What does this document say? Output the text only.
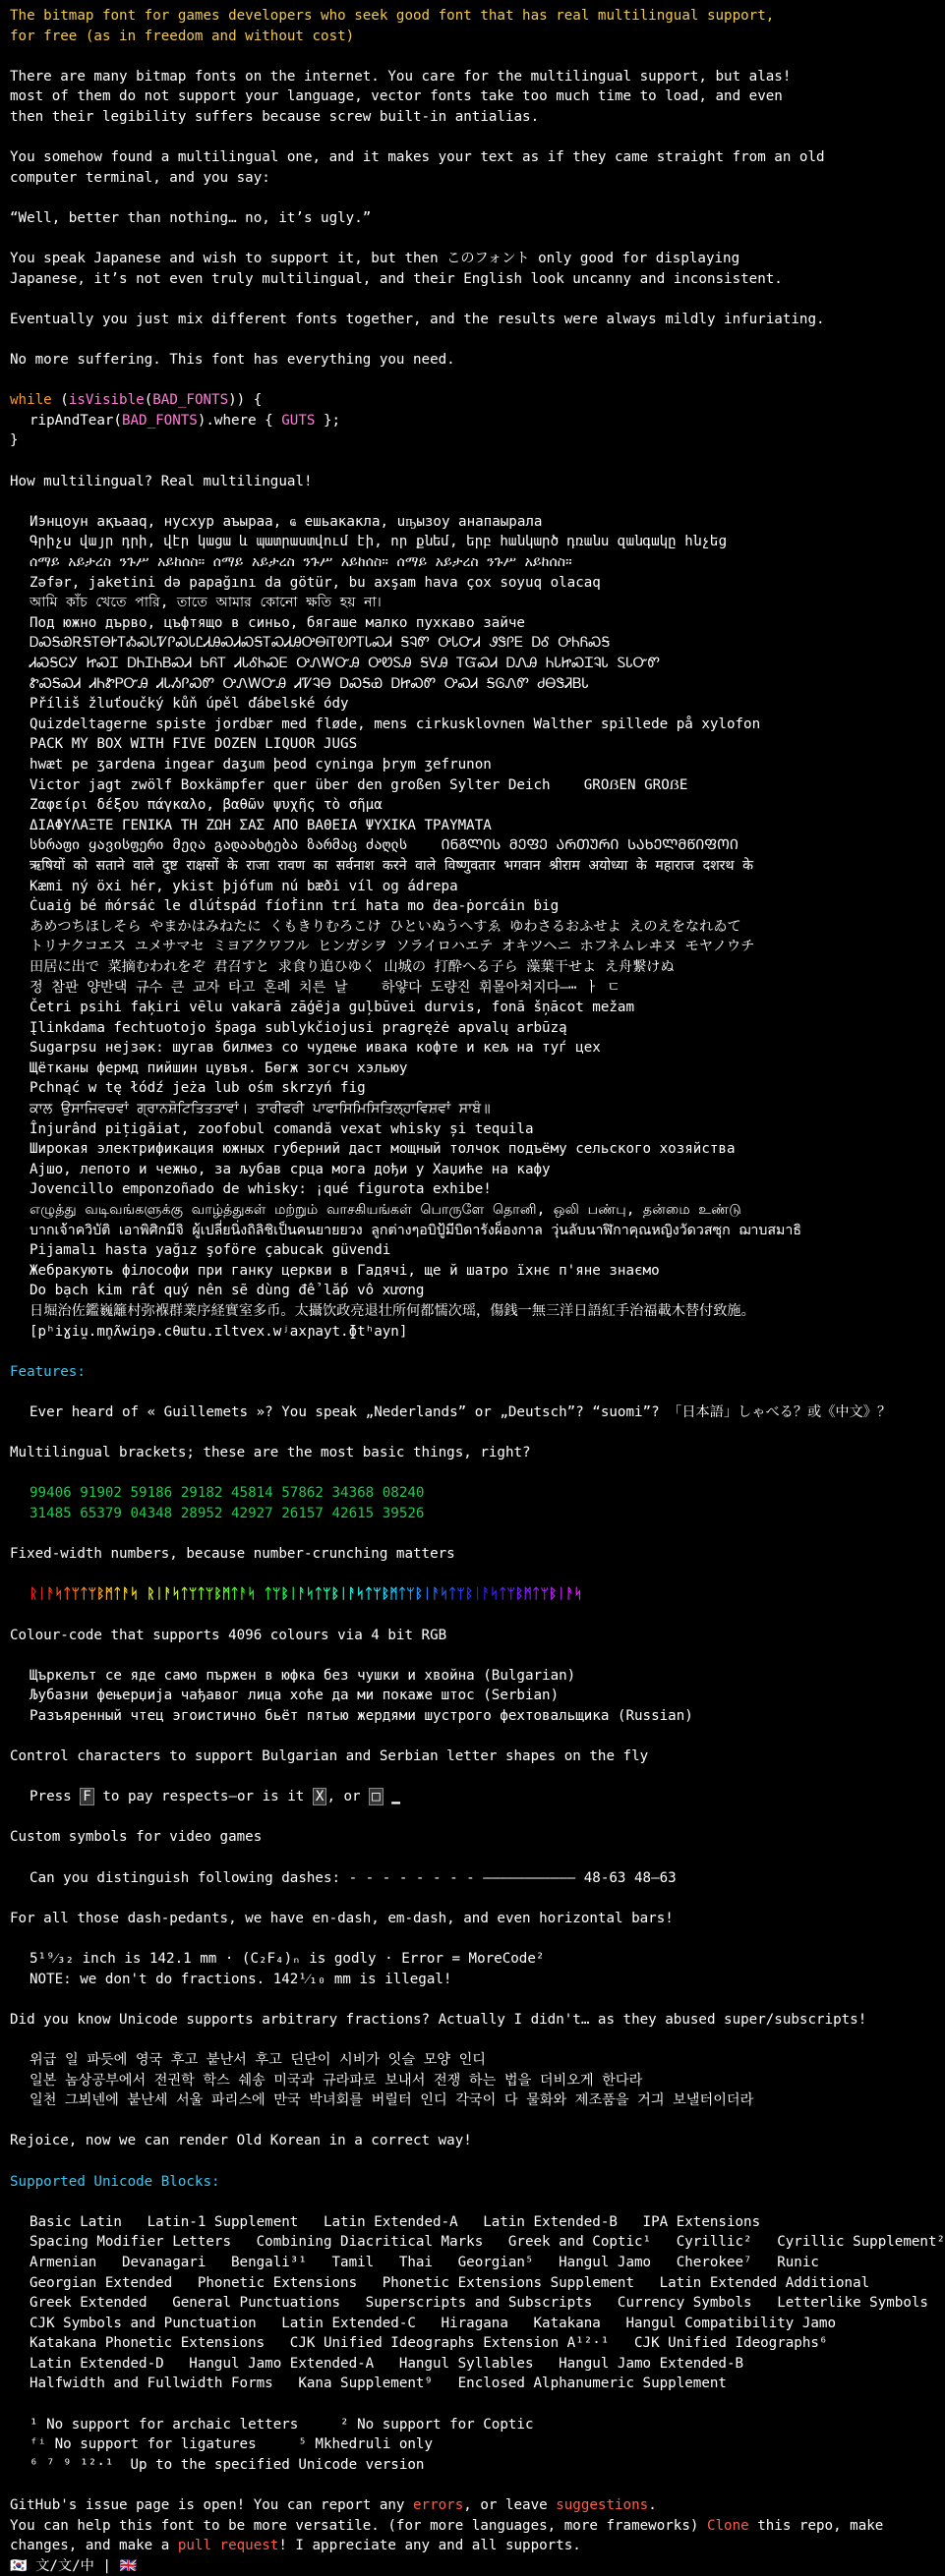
The bitmap font for games developers who seek good font that has real multilingual support,
for free (as in freedom and without cost)
There are many bitmap fonts on the internet. You care for the multilingual support, but alas!
most of them do not support your language, vector fonts take too much time to load, and even
then their legibility suffers because screw built-in antialias.
You somehow found a multilingual one, and it makes your text as if they came straight from an old
computer terminal, and you say:
“Well, better than nothing… no, it’s ugly.”
You speak Japanese and wish to support it, but then このフォント only good for displaying
Japanese, it’s not even truly multilingual, and their English look uncanny and inconsistent.
Eventually you just mix different fonts together, and the results were always mildly infuriating.
No more suffering. This font has everything you need.
while (isVisible(BAD_FONTS)) {
ripAndTear(BAD_FONTS).where { GUTS };
}
How multilingual? Real multilingual!
Иэнцоун ақъааq, нусхур аъыраа, ҩ ешьакакла, uҧызоу анапаырала
Գրիչս վայր դրի, վէր կացա և պատրաստվում էի, որ քնեմ, երբ հանկարծ դռանս զանգակը հնչեց
ሰማይ አይታረስ ንጉሥ አይከሰስ። ሰማይ አይታረስ ንጉሥ አይከሰስ። ሰማይ አይታረስ ንጉሥ አይከሰስ።
Zəfər, jaketini də papağını da götür, bu axşam hava çox soyuq olacaq
আমি কাঁচ খেতে পারি, তাতে আমার কোনো ক্ষতি হয় না।
Под южно дърво, цъфтящо в синьо, бягаше малко пухкаво зайче
ᎠᏍᎦᏯᎡᎦᎢᎾᎨᎢᎣᏍᏓᏤᎵᏍᏓᏝᏗᎯᏍᏗᏍᎦᎢᏍᏗᎯᎤᎾᎥᎢᎧᎵᎢᏓᏍᏗ ᎦᎸᏛ ᎤᏓᏅᏗ ᏭᏕᎵᎬ ᎠᎴ ᎤᏂᏲᏍᎦ
ᏗᏍᎦᏟᎩ ᏥᏍᏆ ᎠᏂᏆᏂᏴᏍᏗ ᏏᏲᎢ ᏗᏓᎴᏂᏍᎬ ᎤᏁᎳᏅᎯ ᎤᏬᏚᎯ ᎦᏙᎯ ᎢᏳᏍᏗ ᎠᏁᎯ ᏂᏓᏥᏍᏆᎸᏓ ᏚᏓᏅᏛ
ᏑᏍᎦᏍᏗ ᏗᏂᏑᏢᏅᎯ ᏗᏓᏱᎵᏍᏛ ᎤᏁᎳᏅᎯ ᏗᏤᎸᎾ ᎠᏍᎦᏯ ᎠᏥᏍᏛ ᎤᏍᏗ ᎦᎶᏁᏛ ᏧᎾᏕᏘᏴᏓ
Příliš žluťoučký kůň úpěl ďábelské ódy
Quizdeltagerne spiste jordbær med fløde, mens cirkusklovnen Walther spillede på xylofon
PACK MY BOX WITH FIVE DOZEN LIQUOR JUGS
hwæt pe ʒardena ingear daʒum þeod cyninga þrym ʒefrunon
Victor jagt zwölf Boxkämpfer quer über den großen Sylter Deich    GROẞEN GROẞE
Ζαφείρι δέξου πάγκαλο, βαθῶν ψυχῆς τὸ σῆμα
ΔΙΑΦΥΛΑΞΤΕ ΓΕΝΙΚΑ ΤΗ ΖΩΗ ΣΑΣ ΑΠΟ ΒΑΘΕΙΑ ΨΥΧΙΚΑ ΤΡΑΥΜΑΤΑ
სხრაფი ყავისფერი მელა გადაახტება ზარმაც ძაღლს    ᲘᲜᲒᲚᲘᲡ ᲛᲔᲤᲔ ᲐᲠᲗᲣᲠᲘ ᲡᲐᲮᲔᲚᲛᲬᲘᲤᲝᲘ
ऋषियों को सताने वाले दुष्ट राक्षसों के राजा रावण का सर्वनाश करने वाले विष्णुवतार भगवान श्रीराम अयोध्या के महाराज दशरथ के
Kæmi ný öxi hér, ykist þjófum nú bæði víl og ádrepa
Ċuaiġ bé ṁórsáċ le dlúṫspád fíoḟinn trí hata mo ḋea-ṗorcáin ḃig
あめつちほしそら やまかはみねたに くもきりむろこけ ひといぬうへすゑ ゆわさるおふせよ えのえをなれゐて
トリナクコエス ユメサマセ ミヨアクワフル ヒンガシヲ ソライロハエテ オキツヘニ ホフネムレヰヌ モヤノウチ
田居に出で 菜摘むわれをぞ 君召すと 求食り追ひゆく 山城の 打酔へる子ら 藻葉干せよ え舟繋けぬ
정 참판 양반댁 규수 큰 교자 타고 혼례 치른 날    하얗다 도량진 휘몰아쳐지다―⋯ ㅏ ㄷ
Četri psihi faķiri vēlu vakarā zāģēja guļbūvei durvis, fonā šņācot mežam
Įlinkdama fechtuotojo špaga sublykčiojusi pragrężė apvalų arbūzą
Sugarpsu нејзәк: шугав билмез со чудење ивака кофте и кељ на туѓ цех
Щётканы фермд пийшин цувъя. Бөгж зогсч хэльюу
Pchnąć w tę łódź jeża lub ośm skrzyń fig
ਕਾਲ ਉਸਾਜਿਵਚਵਾਂ ਗ੍ਰਾਨਸ਼ੋਟਿਤਿਤਤਾਵਾਂ। ਤਾਰੀਫਰੀ ਪਾਫਾਸਿਮਿਸਿਤਿਲ੍ਹਾਵਿਸ਼ਵਾਂ ਸਾਬੰ॥
Înjurând pițigăiat, zoofobul comandă vexat whisky și tequila
Широкая электрификация южных губерний даст мощный толчок подъёму сельского хозяйства
Ајшо, лепото и чежњо, за љубав срца мога дођи у Хаџиће на кафу
Jovencillo emponzoñado de whisky: ¡qué figurota exhibe!
எழுத்து வடிவங்களுக்கு வாழ்த்துகள் மற்றும் வாசகியங்கள் பொருளே தொனி, ஒலி பண்பு, தன்மை உண்டு
บากเจ้าควิบัติ เอาพิศิกมีจิ ผู้เปลี่ยนิ่งถิลิชิเป็นคนยายยวง ลูกต่างๆอบิปู้มีบิดารังผ็องกาล วุ่นลับนาฬิกาคุณหญิงวัดวสซุก ฌาบสมาธิ
Pijamalı hasta yağız şoföre çabucak güvendi
Жебракують філософи при ганку церкви в Гадячі, ще й шатро їхнє п'яне знаємо
Do bạch kim rất quý nên sẽ dùng để lắp vô xương
日堀治佐鑑巍籬村弥褓群業序経實室多币。太攝饮政亮退壮所何都懦次瑶，傷銭一無三洋日語紅手治福載木替付致施。
[pʰiɣiu̯.mn̥ʌ̃wiŋə.cθɯtu.ɪltvex.wʲaxɲayt.ɸtʰayn]
Features:
Ever heard of « Guillemets »? You speak „Nederlands” or „Deutsch”? “suomi”? 「日本語」しゃべる？或《中文》？
Multilingual brackets; these are the most basic things, right?
99406 91902 59186 29182 45814 57862 34368 08240
31485 65379 04348 28952 42927 26157 42615 39526
Fixed-width numbers, because number-crunching matters
ᚱᛁᚨᛋᛏᛘᛏᛘᛒᛗᛏᚨᛋ ᚱᛁᚨᛋᛏᛘᛏᛘᛒᛗᛏᚨᛋ ᛏᛘᛒᛁᚨᛋᛏᛘᛒᛁᚨᛋᛏᛘᛒᛗᛏᛘᛒᛁᚨᛋᛏᛘᛒᛁᚨᛋᛏᛘᛒᛗᛏᛘᛒᛁᚨᛋ
Colour-code that supports 4096 colours via 4 bit RGB
Щъркелът се яде само пържен в юфка без чушки и хвойна (Bulgarian)
Љубазни фењерџија чађавог лица хоће да ми покаже штос (Serbian)
Разъяренный чтец эгоистично бьёт пятью жердями шустрого фехтовальщика (Russian)
Control characters to support Bulgarian and Serbian letter shapes on the fly
Press F to pay respects—or is it X , or □ ▁
Custom symbols for video games
Can you distinguish following dashes: ‐ ‐ ‐ ‐ ‐ ‐ ‐ ‐ ——————————— 48‑63 48‒63
For all those dash-pedants, we have en-dash, em-dash, and even horizontal bars!
5¹⁹⁄₃₂ inch is 142.1 mm · (C₂F₄)ₙ is godly · Error = MoreCode²
NOTE: we don't do fractions. 142¹⁄₁₀ mm is illegal!
Did you know Unicode supports arbitrary fractions? Actually I didn't… as they abused super/subscripts!
위급 일 파듯에 영국 후고 붙난서 후고 딘단이 시비가 잇슬 모양 인디
일본 놈상공부에서 전권학 학스 쉐송 미국과 규라파로 보내서 전쟁 하는 법을 더비오게 한다라
일천 그뵈넨에 붙난세 서울 파리스에 만국 박녀회를 버릴터 인디 각국이 다 물화와 제조품을 거긔 보낼터이더라
Rejoice, now we can render Old Korean in a correct way!
Supported Unicode Blocks:
Basic Latin   Latin-1 Supplement   Latin Extended-A   Latin Extended-B   IPA Extensions
Spacing Modifier Letters   Combining Diacritical Marks   Greek and Coptic¹   Cyrillic²   Cyrillic Supplement²
Armenian   Devanagari   Bengali³¹   Tamil   Thai   Georgian⁵   Hangul Jamo   Cherokee⁷   Runic
Georgian Extended   Phonetic Extensions   Phonetic Extensions Supplement   Latin Extended Additional
Greek Extended   General Punctuations   Superscripts and Subscripts   Currency Symbols   Letterlike Symbols
CJK Symbols and Punctuation   Latin Extended-C   Hiragana   Katakana   Hangul Compatibility Jamo
Katakana Phonetic Extensions   CJK Unified Ideographs Extension A¹²·¹   CJK Unified Ideographs⁶
Latin Extended-D   Hangul Jamo Extended-A   Hangul Syllables   Hangul Jamo Extended-B
Halfwidth and Fullwidth Forms   Kana Supplement⁹   Enclosed Alphanumeric Supplement
¹ No support for archaic letters     ² No support for Coptic
ᶠⁱ No support for ligatures     ⁵ Mkhedruli only
⁶ ⁷ ⁹ ¹²·¹  Up to the specified Unicode version
GitHub's issue page is open! You can report any errors, or leave suggestions.
You can help this font to be more versatile. (for more languages, more frameworks) Clone this repo, make
changes, and make a pull request! I appreciate any and all supports.
🇰🇷 文/文/中 | 🇬🇧
